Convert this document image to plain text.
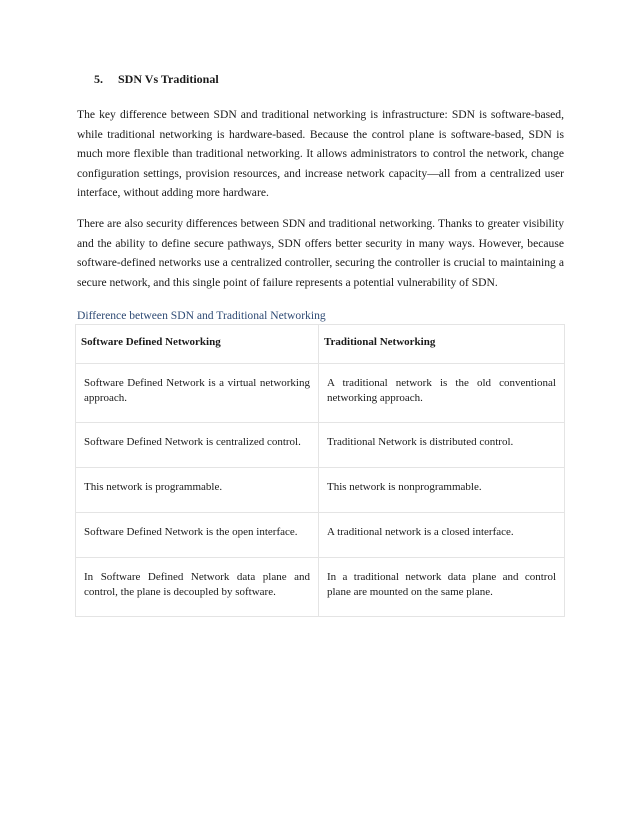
5. SDN Vs Traditional

The key difference between SDN and traditional networking is infrastructure: SDN is software-based, while traditional networking is hardware-based. Because the control plane is software-based, SDN is much more flexible than traditional networking. It allows administrators to control the network, change configuration settings, provision resources, and increase network capacity—all from a centralized user interface, without adding more hardware.

There are also security differences between SDN and traditional networking. Thanks to greater visibility and the ability to define secure pathways, SDN offers better security in many ways. However, because software-defined networks use a centralized controller, securing the controller is crucial to maintaining a secure network, and this single point of failure represents a potential vulnerability of SDN.

Difference between SDN and Traditional Networking
Software Defined Networking	Traditional Networking

Software Defined Network is a virtual networking approach.	A traditional network is the old conventional networking approach.

Software Defined Network is centralized control.	Traditional Network is distributed control.

This network is programmable.	This network is nonprogrammable.

Software Defined Network is the open interface.	A traditional network is a closed interface.

In Software Defined Network data plane and control, the plane is decoupled by software.	In a traditional network data plane and control plane are mounted on the same plane.
